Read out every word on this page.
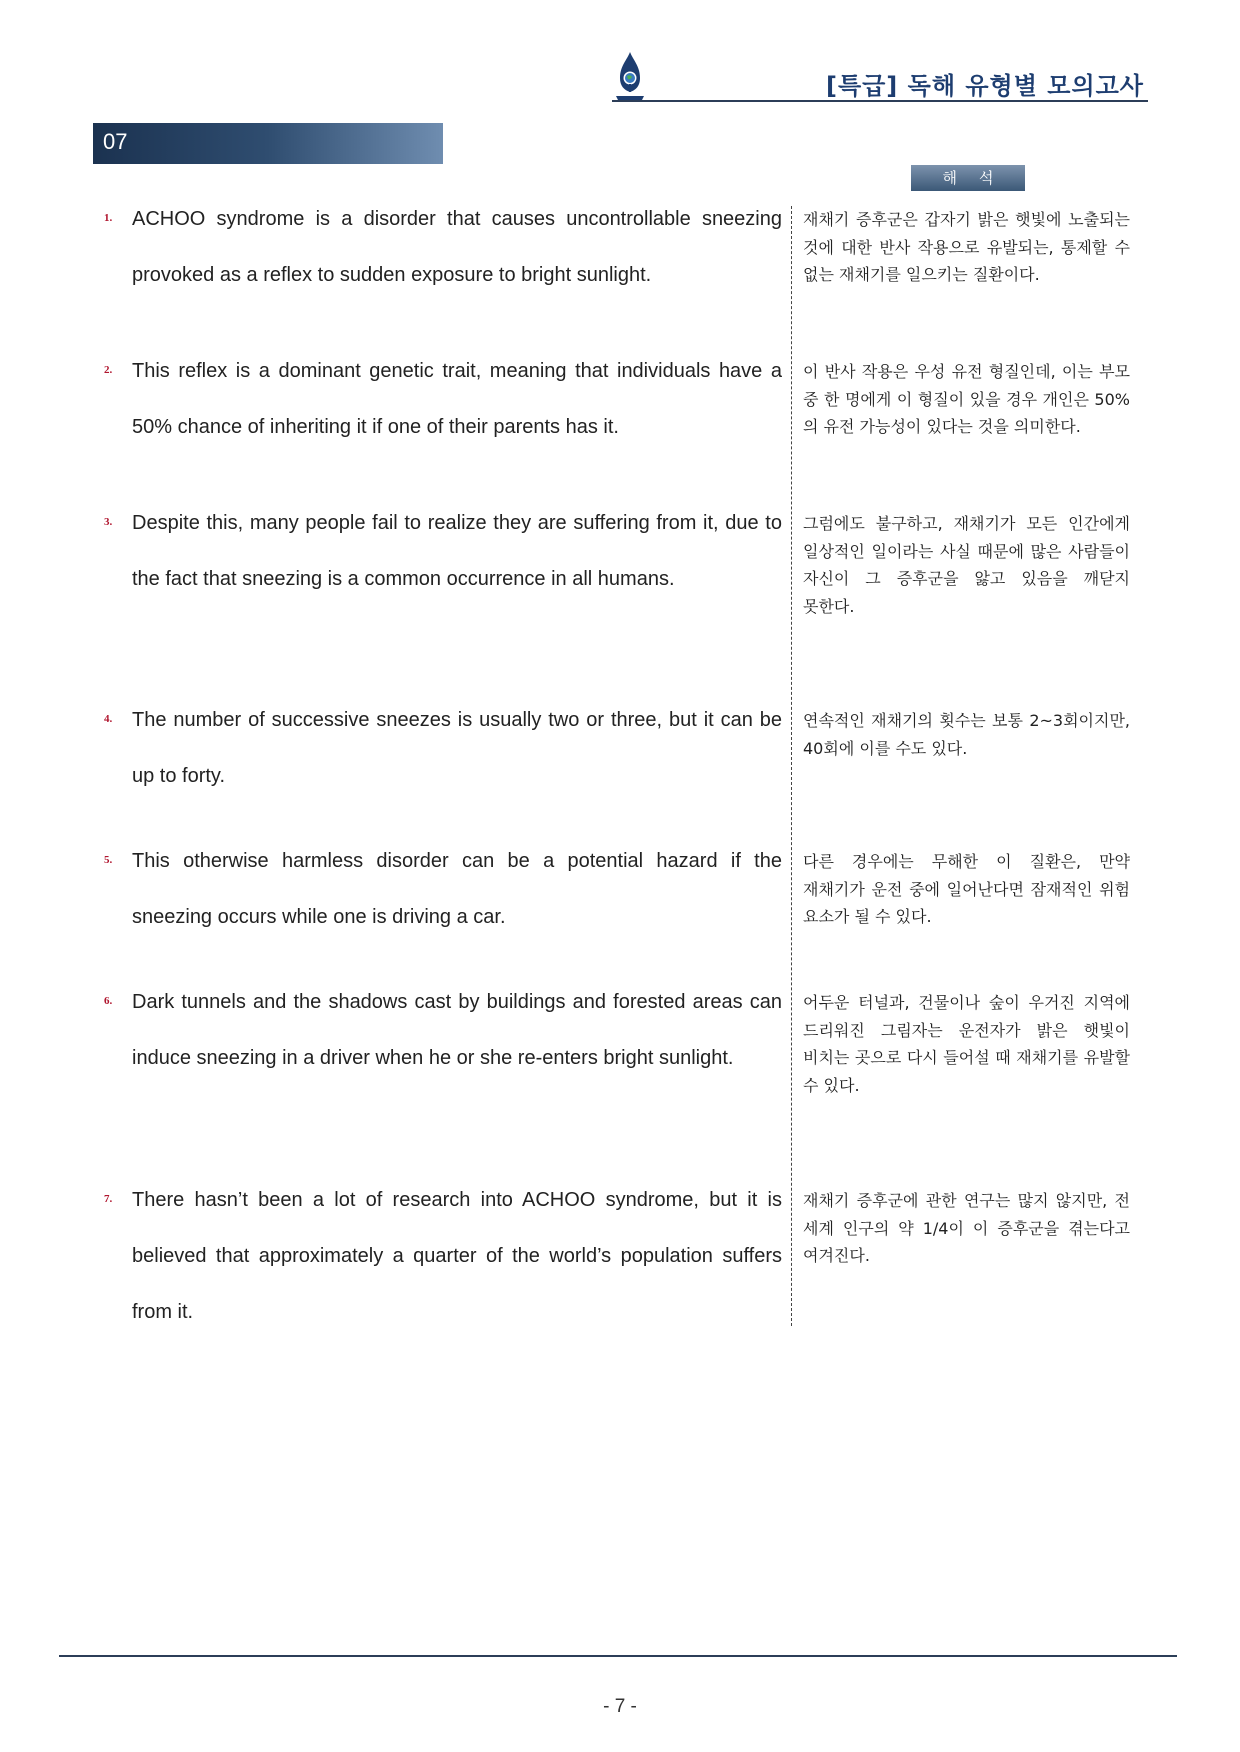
[특급] 독해 유형별 모의고사
07
해석
1. ACHOO syndrome is a disorder that causes uncontrollable sneezing provoked as a reflex to sudden exposure to bright sunlight.

재채기 증후군은 갑자기 밝은 햇빛에 노출되는 것에 대한 반사 작용으로 유발되는, 통제할 수 없는 재채기를 일으키는 질환이다.

2. This reflex is a dominant genetic trait, meaning that individuals have a 50% chance of inheriting it if one of their parents has it.

이 반사 작용은 우성 유전 형질인데, 이는 부모 중 한 명에게 이 형질이 있을 경우 개인은 50%의 유전 가능성이 있다는 것을 의미한다.

3. Despite this, many people fail to realize they are suffering from it, due to the fact that sneezing is a common occurrence in all humans.

그럼에도 불구하고, 재채기가 모든 인간에게 일상적인 일이라는 사실 때문에 많은 사람들이 자신이 그 증후군을 앓고 있음을 깨닫지 못한다.

4. The number of successive sneezes is usually two or three, but it can be up to forty.

연속적인 재채기의 횟수는 보통 2~3회이지만, 40회에 이를 수도 있다.

5. This otherwise harmless disorder can be a potential hazard if the sneezing occurs while one is driving a car.

다른 경우에는 무해한 이 질환은, 만약 재채기가 운전 중에 일어난다면 잠재적인 위험 요소가 될 수 있다.

6. Dark tunnels and the shadows cast by buildings and forested areas can induce sneezing in a driver when he or she re-enters bright sunlight.

어두운 터널과, 건물이나 숲이 우거진 지역에 드리워진 그림자는 운전자가 밝은 햇빛이 비치는 곳으로 다시 들어설 때 재채기를 유발할 수 있다.

7. There hasn’t been a lot of research into ACHOO syndrome, but it is believed that approximately a quarter of the world’s population suffers from it.

재채기 증후군에 관한 연구는 많지 않지만, 전 세계 인구의 약 1/4이 이 증후군을 겪는다고 여겨진다.

- 7 -
